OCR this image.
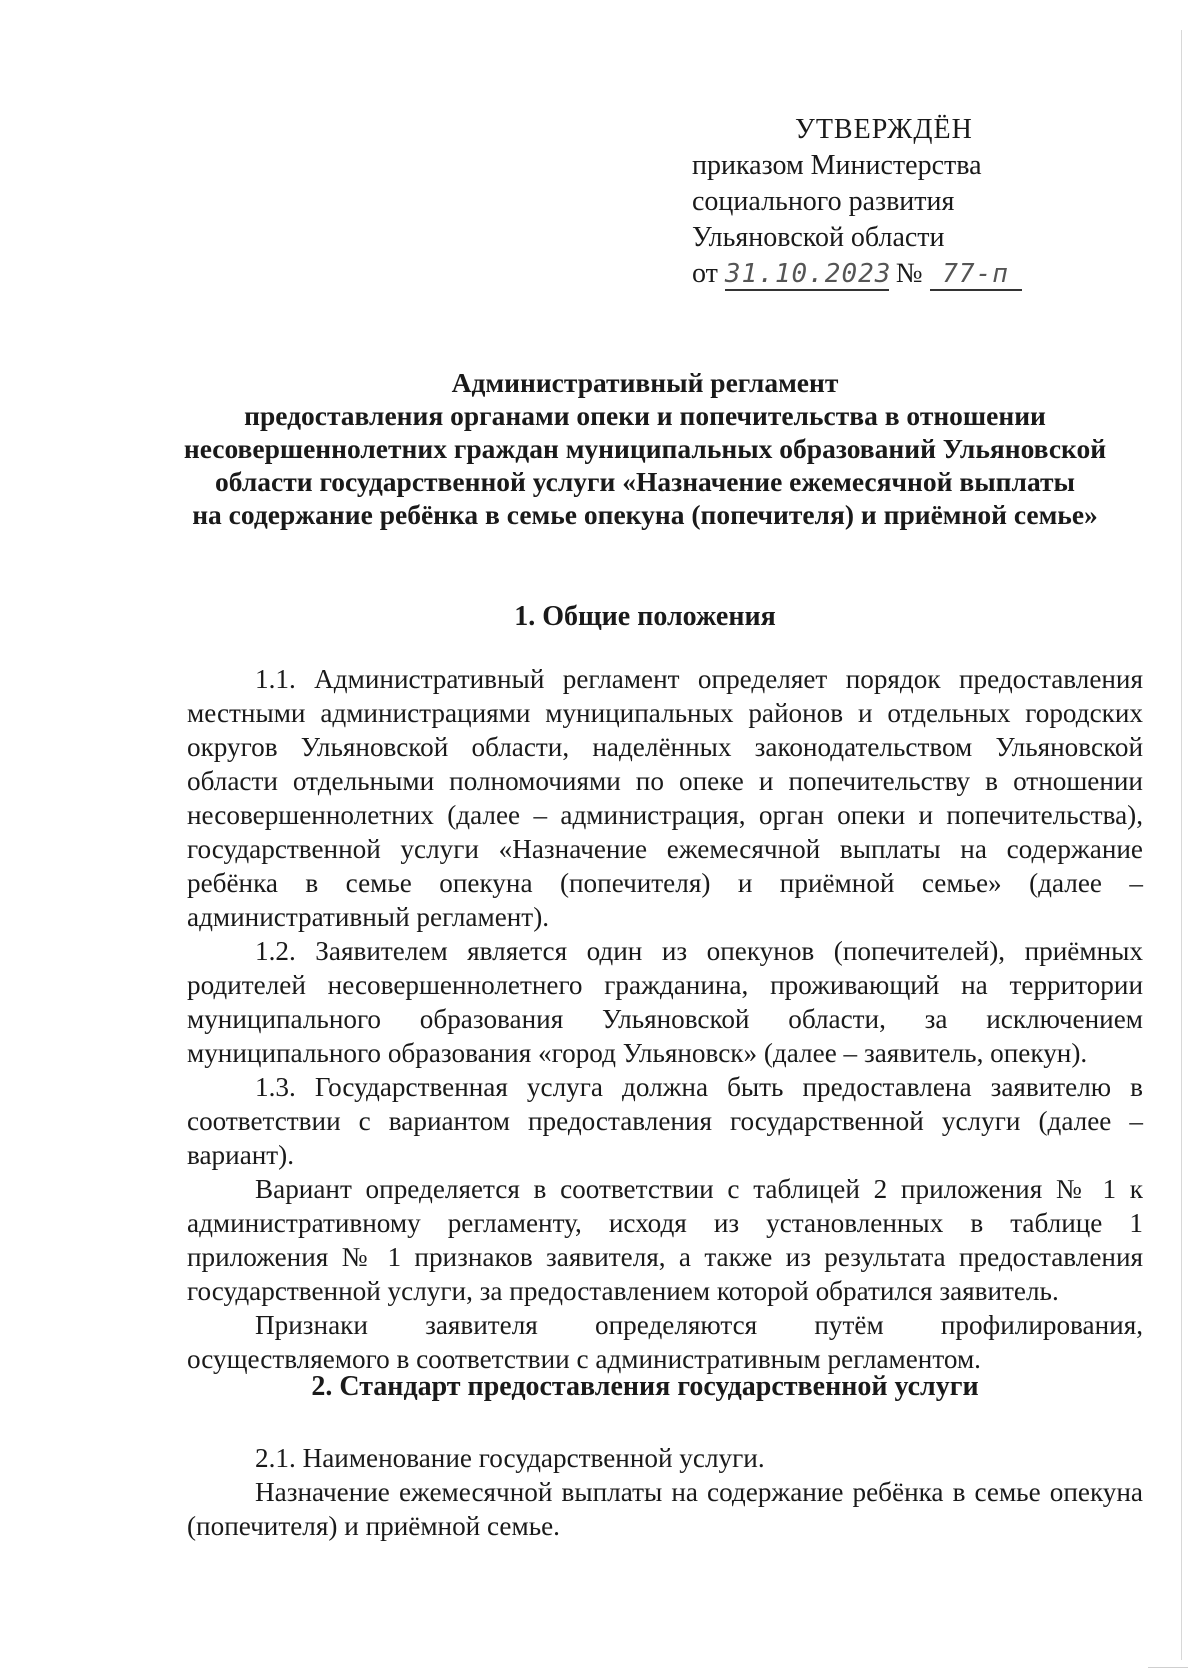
УТВЕРЖДЁН
приказом Министерства
социального развития
Ульяновской области
от 31.10.2023 № 77-п
Административный регламент
предоставления органами опеки и попечительства в отношении
несовершеннолетних граждан муниципальных образований Ульяновской
области государственной услуги «Назначение ежемесячной выплаты
на содержание ребёнка в семье опекуна (попечителя) и приёмной семье»
1. Общие положения

1.1. Административный регламент определяет порядок предоставления местными администрациями муниципальных районов и отдельных городских округов Ульяновской области, наделённых законодательством Ульяновской области отдельными полномочиями по опеке и попечительству в отношении несовершеннолетних (далее – администрация, орган опеки и попечительства), государственной услуги «Назначение ежемесячной выплаты на содержание ребёнка в семье опекуна (попечителя) и приёмной семье» (далее – административный регламент).

1.2. Заявителем является один из опекунов (попечителей), приёмных родителей несовершеннолетнего гражданина, проживающий на территории муниципального образования Ульяновской области, за исключением муниципального образования «город Ульяновск» (далее – заявитель, опекун).

1.3. Государственная услуга должна быть предоставлена заявителю в соответствии с вариантом предоставления государственной услуги (далее – вариант).

Вариант определяется в соответствии с таблицей 2 приложения № 1 к административному регламенту, исходя из установленных в таблице 1 приложения № 1 признаков заявителя, а также из результата предоставления государственной услуги, за предоставлением которой обратился заявитель.

Признаки заявителя определяются путём профилирования, осуществляемого в соответствии с административным регламентом.

2. Стандарт предоставления государственной услуги

2.1. Наименование государственной услуги.

Назначение ежемесячной выплаты на содержание ребёнка в семье опекуна (попечителя) и приёмной семье.
